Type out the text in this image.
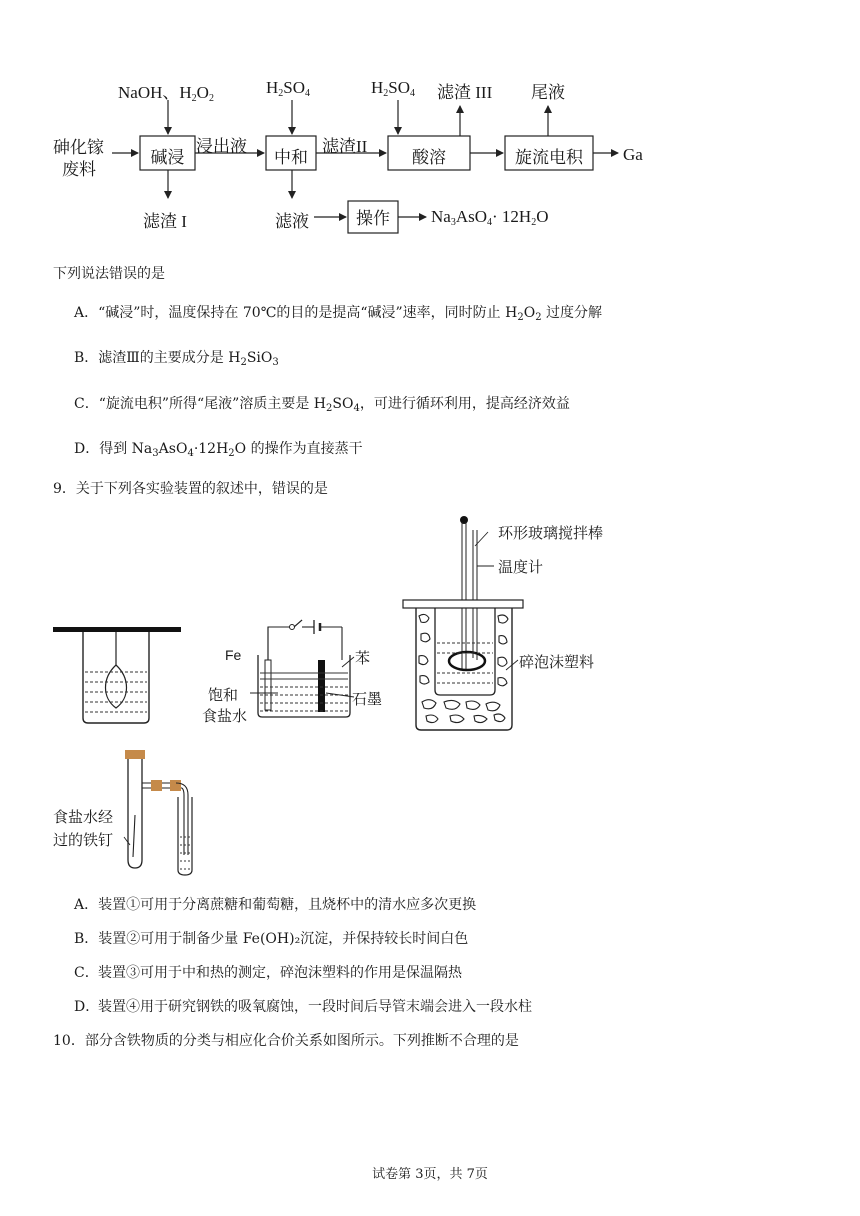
NaOH、$H_2O_2$
$H_2SO_4$	$H_2SO_4$ 滤渣 III 尾液
砷化镓
废料
碱浸
浸出液
中和
滤渣II
酸溶	旋流电积	Ga
滤渣 I	滤液	操作	$Na_3AsO_4\cdot 12H_2O$
下列说法错误的是
A．“碱浸”时，温度保持在 70℃的目的是提高“碱浸”速率，同时防止 $H_2O_2$ 过度分解
B．滤渣Ⅲ的主要成分是 $H_2SiO_3$
C．“旋流电积”所得“尾液”溶质主要是 $H_2SO_4$，可进行循环利用，提高经济效益
D．得到 $Na_3AsO_4\cdot 12H_2O$ 的操作为直接蒸干
9．关于下列各实验装置的叙述中，错误的是
Fe	苯
饱和
食盐水
石墨
环形玻璃搅拌棒
温度计
碎泡沫塑料
食盐水经
过的铁钉
A．装置①可用于分离蔗糖和葡萄糖，且烧杯中的清水应多次更换
B．装置②可用于制备少量 Fe(OH)₂沉淀，并保持较长时间白色
装置③可用于中和热的测定，碎泡沫塑料的作用是保温隔热
C．
装置④用于研究钢铁的吸氧腐蚀，一段时间后导管末端会进入一段水柱
D．
10．部分含铁物质的分类与相应化合价关系如图所示。下列推断不合理的是
试卷第 3页，共 7页
